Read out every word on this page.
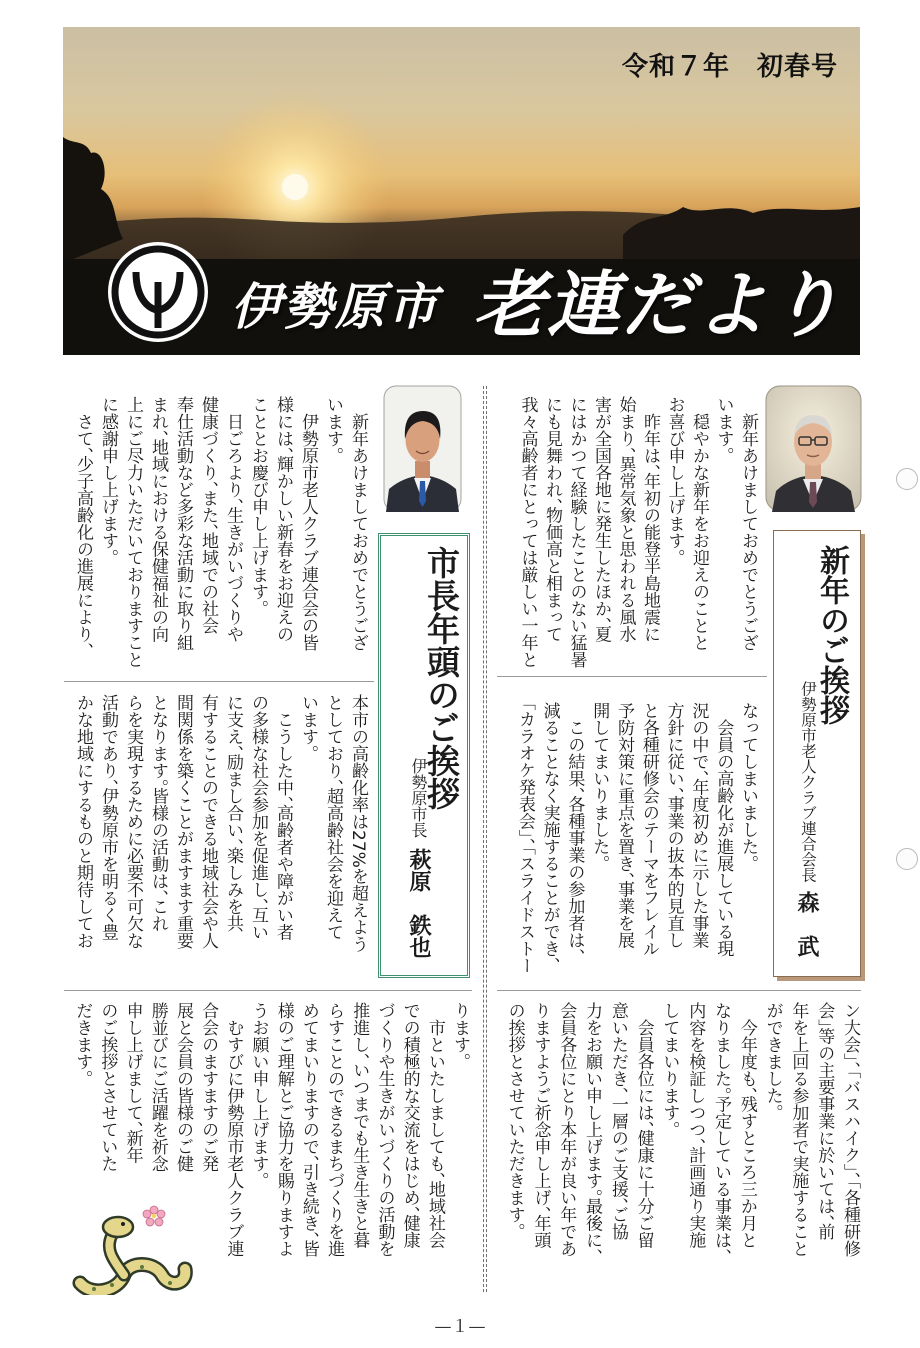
令和７年　初春号
伊勢原市 老連だより
　新年あけましておめでとうござ
います。
　穏やかな新年をお迎えのことと
お喜び申し上げます。
　昨年は、年初の能登半島地震に
始まり、異常気象と思われる風水
害が全国各地に発生したほか、夏
にはかつて経験したことのない猛暑
にも見舞われ、物価高と相まって
我々高齢者にとっては厳しい一年と
なってしまいました。
　会員の高齢化が進展している現
況の中で、年度初めに示した事業
方針に従い、事業の抜本的見直し
と各種研修会のテーマをフレイル
予防対策に重点を置き、事業を展
開してまいりました。
　この結果、各種事業の参加者は、
減ることなく実施することができ、
「カラオケ発表会」、「スライドストー
ン大会」、「バスハイク」、「各種研修
会」等の主要事業に於いては、前
年を上回る参加者で実施すること
ができました。
　今年度も、残すところ三か月と
なりました。予定している事業は、
内容を検証しつつ、計画通り実施
してまいります。
　会員各位には、健康に十分ご留
意いただき、一層のご支援、ご協
力をお願い申し上げます。最後に、
会員各位にとり本年が良い年であ
りますようご祈念申し上げ、年頭
の挨拶とさせていただきます。
新年のご挨拶
伊勢原市老人クラブ連合会長
森　武
　新年あけましておめでとうござ
います。
　伊勢原市老人クラブ連合会の皆
様には、輝かしい新春をお迎えの
こととお慶び申し上げます。
　日ごろより、生きがいづくりや
健康づくり、また、地域での社会
奉仕活動など多彩な活動に取り組
まれ、地域における保健福祉の向
上にご尽力いただいておりますこと
に感謝申し上げます。
　さて、少子高齢化の進展により、
本市の高齢化率は27%を超えよう
としており、超高齢社会を迎えて
います。
　こうした中、高齢者や障がい者
の多様な社会参加を促進し、互い
に支え、励まし合い、楽しみを共
有することのできる地域社会や人
間関係を築くことがますます重要
となります。皆様の活動は、これ
らを実現するために必要不可欠な
活動であり、伊勢原市を明るく豊
かな地域にするものと期待してお
ります。
　市といたしましても、地域社会
での積極的な交流をはじめ、健康
づくりや生きがいづくりの活動を
推進し、いつまでも生き生きと暮
らすことのできるまちづくりを進
めてまいりますので、引き続き、皆
様のご理解とご協力を賜りますよ
うお願い申し上げます。
　むすびに伊勢原市老人クラブ連
合会のますますのご発
展と会員の皆様のご健
勝並びにご活躍を祈念
申し上げまして、新年
のご挨拶とさせていた
だきます。
市長年頭のご挨拶
伊勢原市長
萩原　鉄也
—１—
